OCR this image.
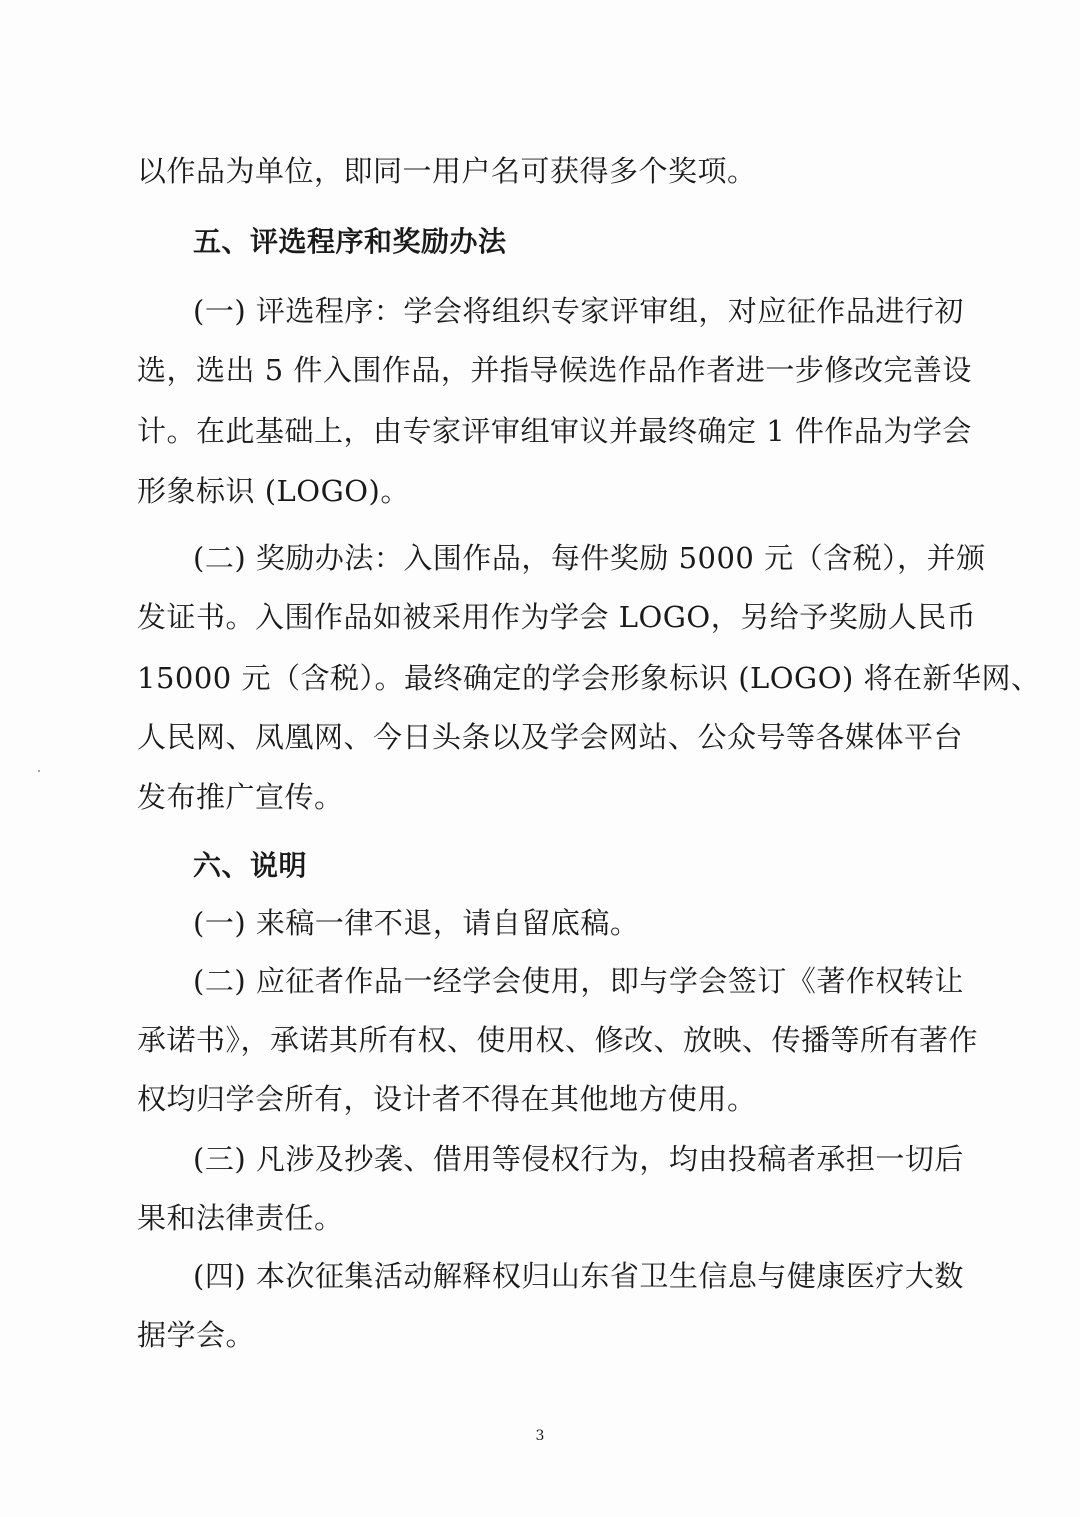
以作品为单位，即同一用户名可获得多个奖项。
五、评选程序和奖励办法
(一) 评选程序：学会将组织专家评审组，对应征作品进行初
选，选出 5 件入围作品，并指导候选作品作者进一步修改完善设
计。在此基础上，由专家评审组审议并最终确定 1 件作品为学会
形象标识 (LOGO)。
(二) 奖励办法：入围作品，每件奖励 5000 元（含税），并颁
发证书。入围作品如被采用作为学会 LOGO，另给予奖励人民币
15000 元（含税）。最终确定的学会形象标识 (LOGO) 将在新华网、
人民网、凤凰网、今日头条以及学会网站、公众号等各媒体平台
发布推广宣传。
六、说明
(一) 来稿一律不退，请自留底稿。
(二) 应征者作品一经学会使用，即与学会签订《著作权转让
承诺书》，承诺其所有权、使用权、修改、放映、传播等所有著作
权均归学会所有，设计者不得在其他地方使用。
(三) 凡涉及抄袭、借用等侵权行为，均由投稿者承担一切后
果和法律责任。
(四) 本次征集活动解释权归山东省卫生信息与健康医疗大数
据学会。
3
